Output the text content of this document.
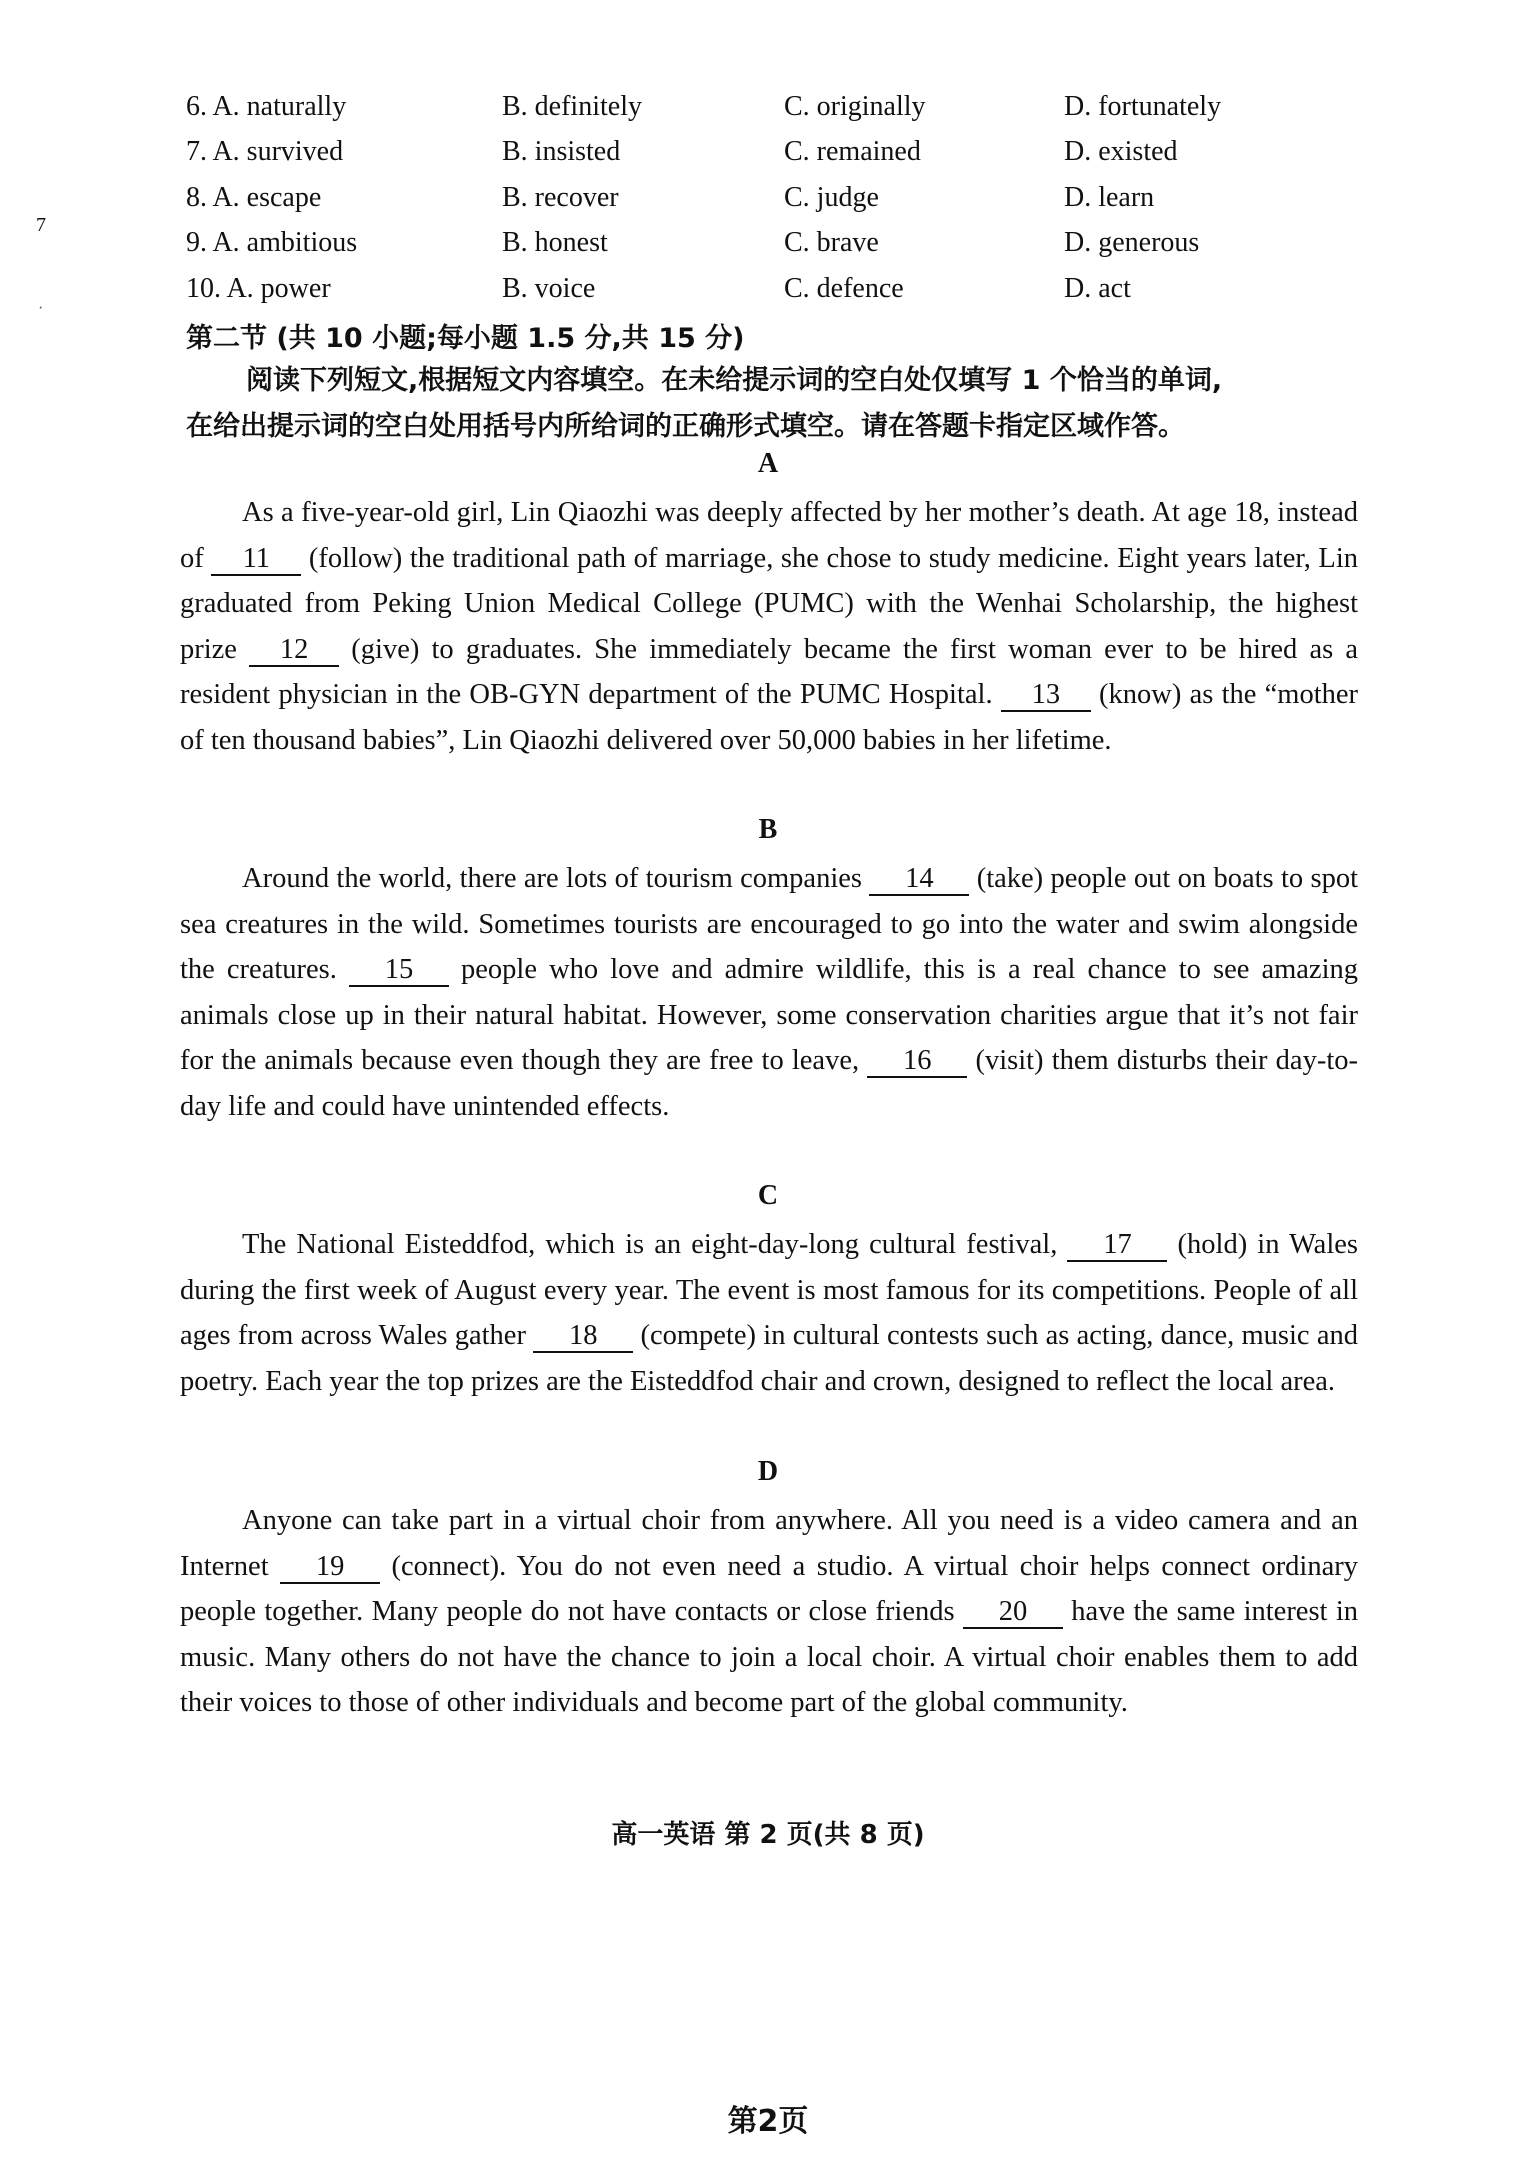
7
·
6. A. naturally	B. definitely	C. originally	D. fortunately
7. A. survived	B. insisted	C. remained	D. existed
8. A. escape	B. recover	C. judge	D. learn
9. A. ambitious	B. honest	C. brave	D. generous
10. A. power	B. voice	C. defence	D. act
第二节 (共 10 小题;每小题 1.5 分,共 15 分)

阅读下列短文,根据短文内容填空。在未给提示词的空白处仅填写 1 个恰当的单词,

在给出提示词的空白处用括号内所给词的正确形式填空。请在答题卡指定区域作答。

A

As a five-year-old girl, Lin Qiaozhi was deeply affected by her mother’s death. At age 18, instead of 11 (follow) the traditional path of marriage, she chose to study medicine. Eight years later, Lin graduated from Peking Union Medical College (PUMC) with the Wenhai Scholarship, the highest prize 12 (give) to graduates. She immediately became the first woman ever to be hired as a resident physician in the OB-GYN department of the PUMC Hospital. 13 (know) as the “mother of ten thousand babies”, Lin Qiaozhi delivered over 50,000 babies in her lifetime.

B

Around the world, there are lots of tourism companies 14 (take) people out on boats to spot sea creatures in the wild. Sometimes tourists are encouraged to go into the water and swim alongside the creatures. 15 people who love and admire wildlife, this is a real chance to see amazing animals close up in their natural habitat. However, some conservation charities argue that it’s not fair for the animals because even though they are free to leave, 16 (visit) them disturbs their day-to-day life and could have unintended effects.

C

The National Eisteddfod, which is an eight-day-long cultural festival, 17 (hold) in Wales during the first week of August every year. The event is most famous for its competitions. People of all ages from across Wales gather 18 (compete) in cultural contests such as acting, dance, music and poetry. Each year the top prizes are the Eisteddfod chair and crown, designed to reflect the local area.

D

Anyone can take part in a virtual choir from anywhere. All you need is a video camera and an Internet 19 (connect). You do not even need a studio. A virtual choir helps connect ordinary people together. Many people do not have contacts or close friends 20 have the same interest in music. Many others do not have the chance to join a local choir. A virtual choir enables them to add their voices to those of other individuals and become part of the global community.

高一英语 第 2 页(共 8 页)
第2页
